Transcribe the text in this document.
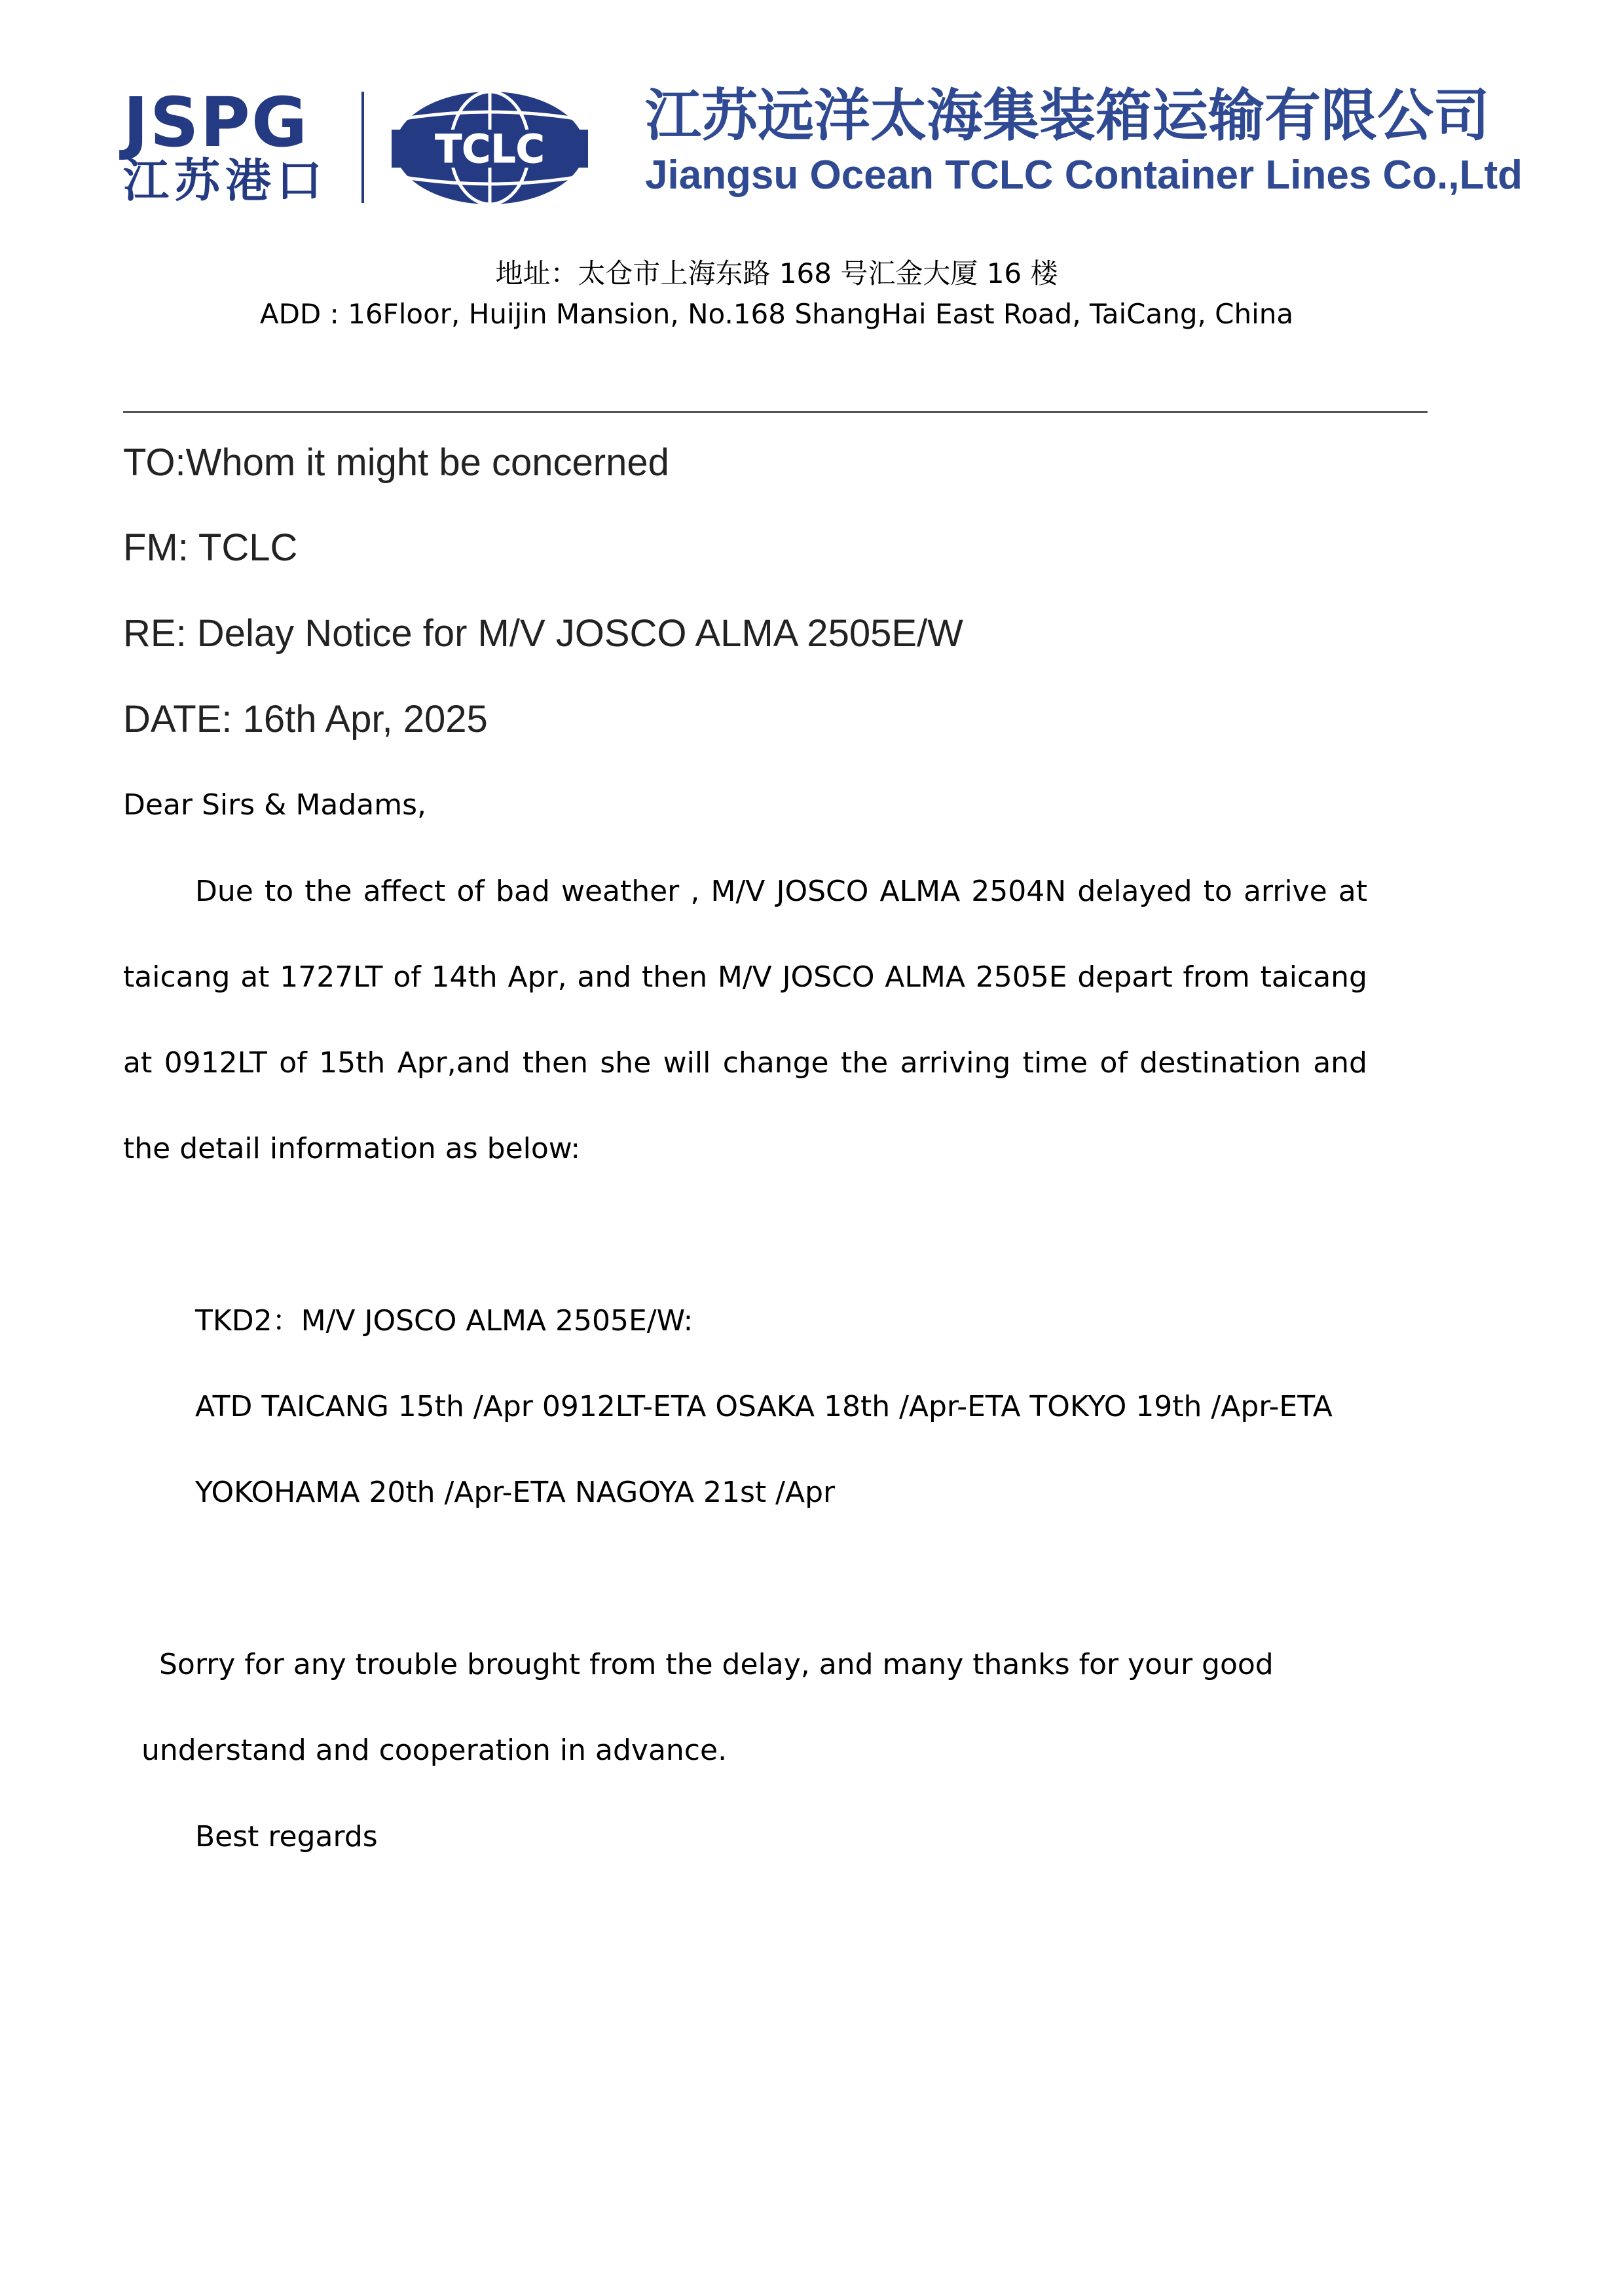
JSPG
江苏港口
TCLC
江苏远洋太海集装箱运输有限公司
Jiangsu Ocean TCLC Container Lines Co.,Ltd
地址：太仓市上海东路 168 号汇金大厦 16 楼
ADD : 16Floor, Huijin Mansion, No.168 ShangHai East Road, TaiCang, China
TO:Whom it might be concerned
FM: TCLC
RE: Delay Notice for M/V JOSCO ALMA 2505E/W
DATE: 16th Apr, 2025
Dear Sirs & Madams,
Due to the affect of bad weather , M/V JOSCO ALMA 2504N delayed to arrive at
taicang at 1727LT of 14th Apr, and then M/V JOSCO ALMA 2505E depart from taicang
at 0912LT of 15th Apr,and then she will change the arriving time of destination and
the detail information as below:
TKD2：M/V JOSCO ALMA 2505E/W:
ATD TAICANG 15th /Apr 0912LT-ETA OSAKA 18th /Apr-ETA TOKYO 19th /Apr-ETA
YOKOHAMA 20th /Apr-ETA NAGOYA 21st /Apr
Sorry for any trouble brought from the delay, and many thanks for your good
understand and cooperation in advance.
Best regards
